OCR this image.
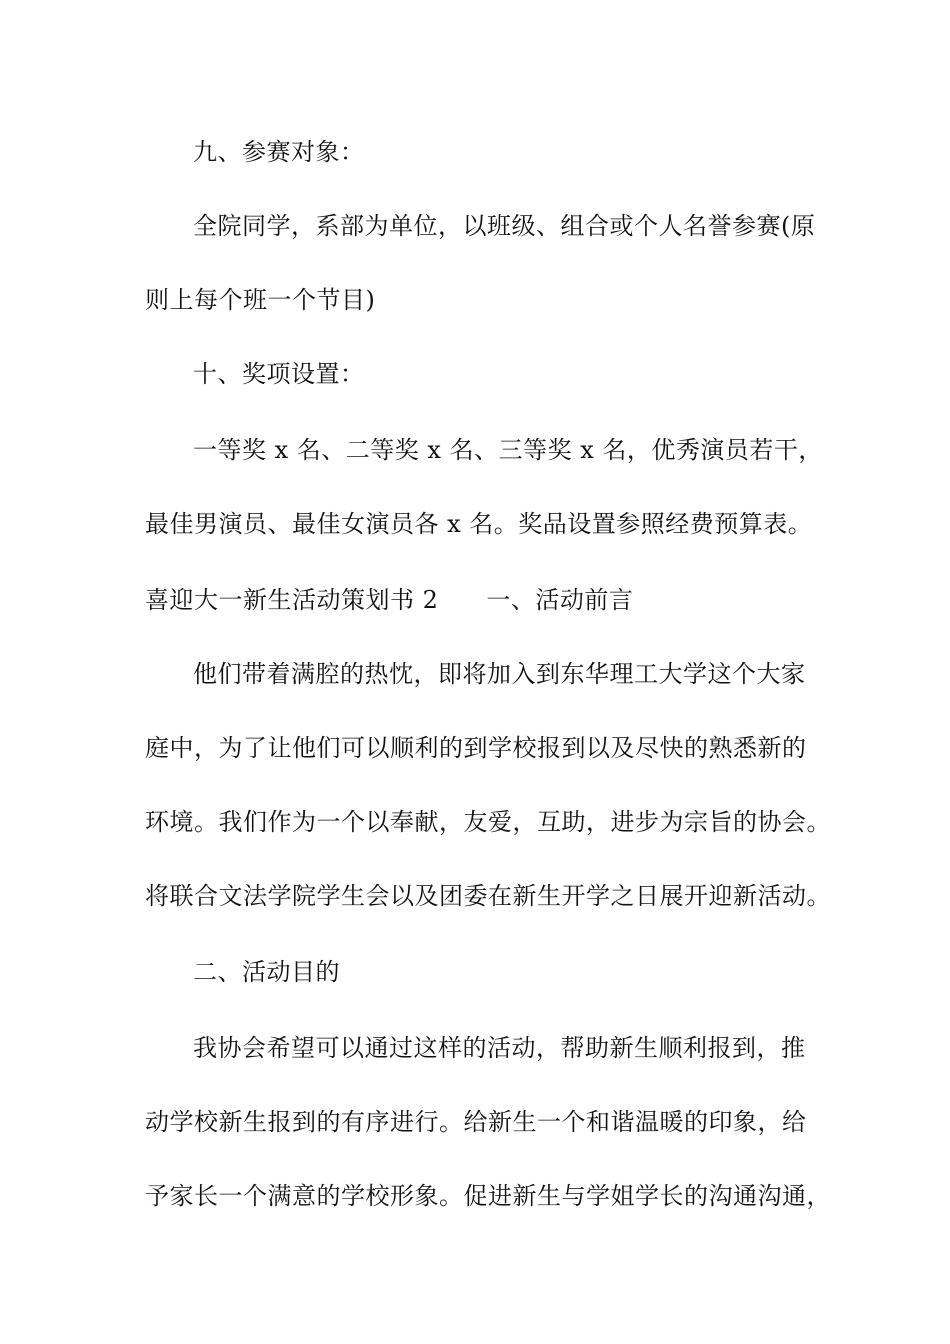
九、参赛对象：
全院同学，系部为单位，以班级、组合或个人名誉参赛(原
则上每个班一个节目)
十、奖项设置：
一等奖 x 名、二等奖 x 名、三等奖 x 名，优秀演员若干，
最佳男演员、最佳女演员各 x 名。奖品设置参照经费预算表。
喜迎大一新生活动策划书 2 一、活动前言
他们带着满腔的热忱，即将加入到东华理工大学这个大家
庭中，为了让他们可以顺利的到学校报到以及尽快的熟悉新的
环境。我们作为一个以奉献，友爱，互助，进步为宗旨的协会。
将联合文法学院学生会以及团委在新生开学之日展开迎新活动。
二、活动目的
我协会希望可以通过这样的活动，帮助新生顺利报到，推
动学校新生报到的有序进行。给新生一个和谐温暖的印象，给
予家长一个满意的学校形象。促进新生与学姐学长的沟通沟通，
